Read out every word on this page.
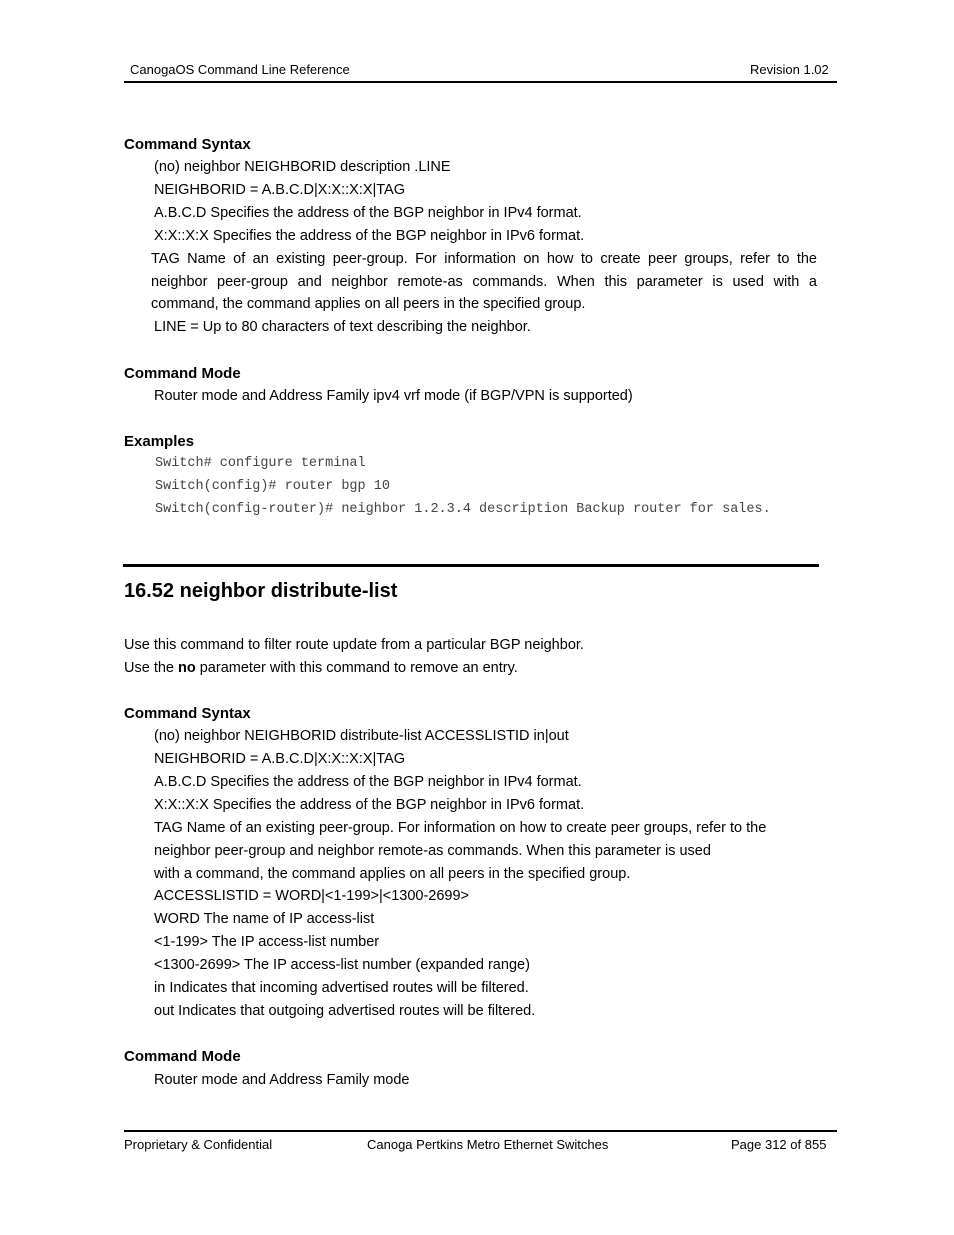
CanogaOS Command Line Reference	Revision 1.02
Command Syntax
(no) neighbor NEIGHBORID description .LINE
NEIGHBORID = A.B.C.D|X:X::X:X|TAG
A.B.C.D Specifies the address of the BGP neighbor in IPv4 format.
X:X::X:X Specifies the address of the BGP neighbor in IPv6 format.
TAG Name of an existing peer-group. For information on how to create peer groups, refer to the
neighbor peer-group and neighbor remote-as commands. When this parameter is used with a
command, the command applies on all peers in the specified group.
LINE = Up to 80 characters of text describing the neighbor.
Command Mode
Router mode and Address Family ipv4 vrf mode (if BGP/VPN is supported)
Examples
Switch# configure terminal
Switch(config)# router bgp 10
Switch(config-router)# neighbor 1.2.3.4 description Backup router for sales.
16.52 neighbor distribute-list
Use this command to filter route update from a particular BGP neighbor.
Use the no parameter with this command to remove an entry.
Command Syntax
(no) neighbor NEIGHBORID distribute-list ACCESSLISTID in|out
NEIGHBORID = A.B.C.D|X:X::X:X|TAG
A.B.C.D Specifies the address of the BGP neighbor in IPv4 format.
X:X::X:X Specifies the address of the BGP neighbor in IPv6 format.
TAG Name of an existing peer-group. For information on how to create peer groups, refer to the
neighbor peer-group and neighbor remote-as commands. When this parameter is used
with a command, the command applies on all peers in the specified group.
ACCESSLISTID = WORD|<1-199>|<1300-2699>
WORD The name of IP access-list
<1-199> The IP access-list number
<1300-2699> The IP access-list number (expanded range)
in Indicates that incoming advertised routes will be filtered.
out Indicates that outgoing advertised routes will be filtered.
Command Mode
Router mode and Address Family mode
Proprietary & Confidential	Canoga Pertkins Metro Ethernet Switches	Page 312 of 855
